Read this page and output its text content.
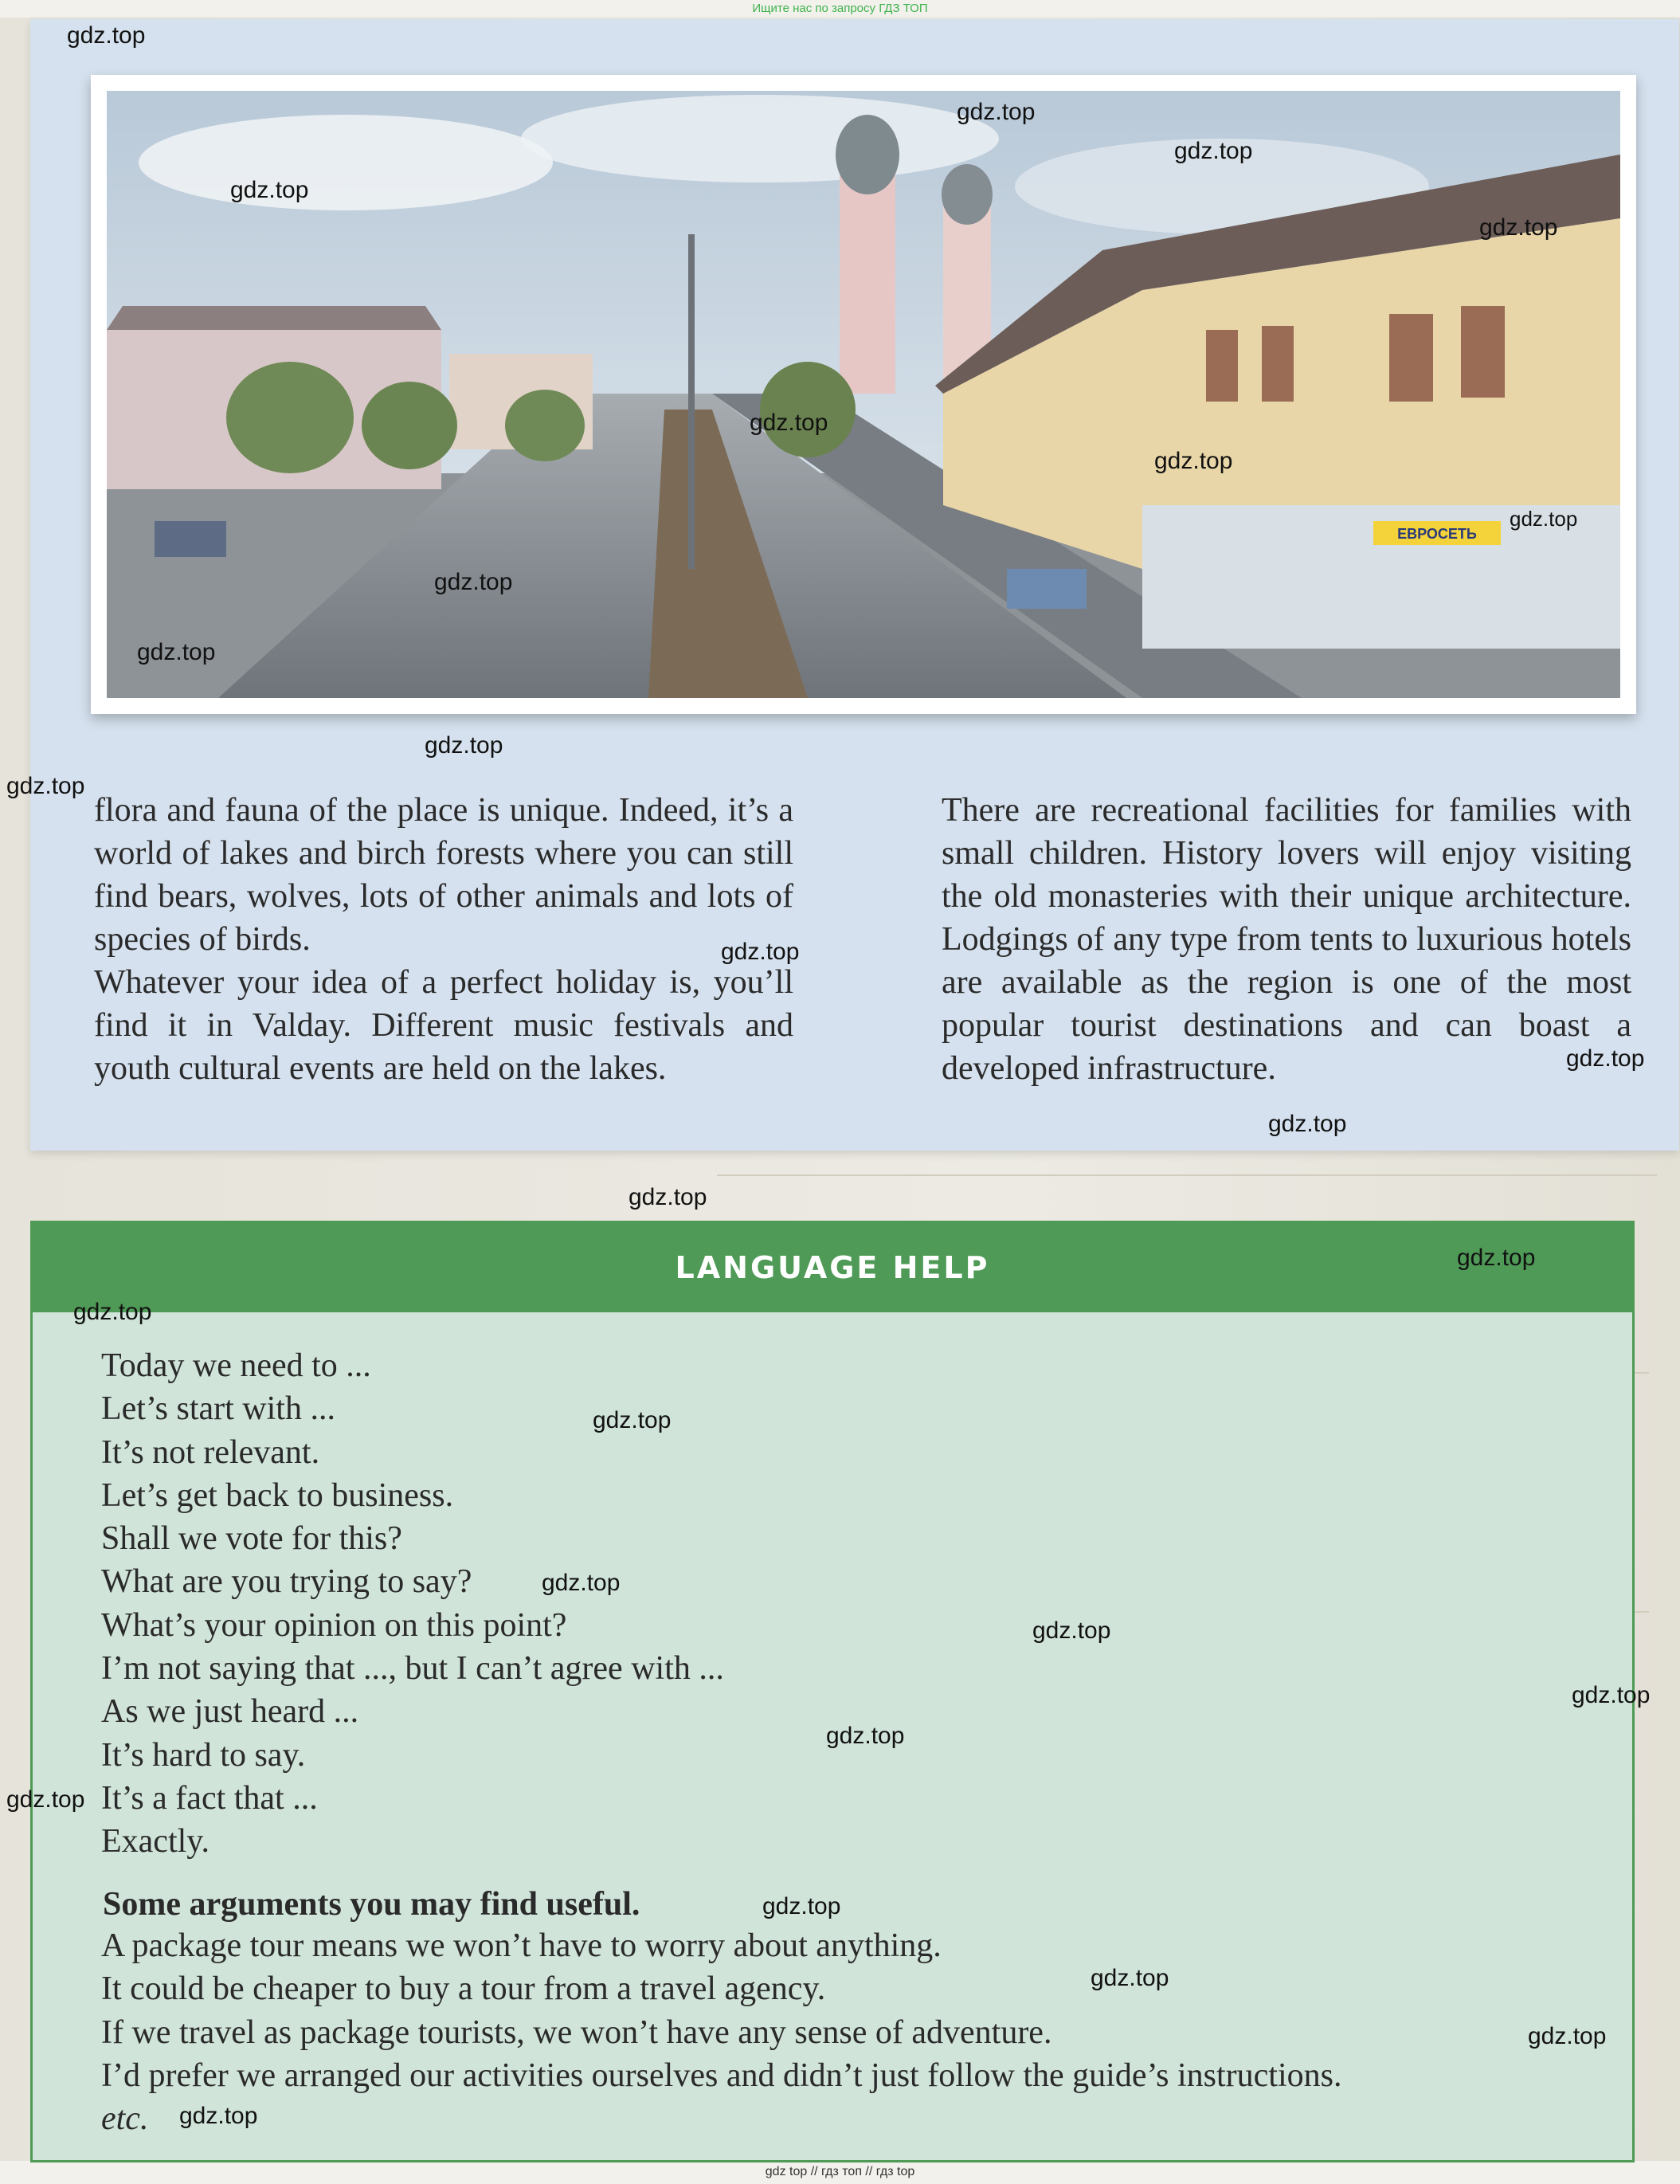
Ищите нас по запросу ГДЗ ТОП
ЕВРОСЕТЬ

flora and fauna of the place is unique. Indeed, it’s a world of lakes and birch forests where you can still find bears, wolves, lots of other animals and lots of species of birds.

Whatever your idea of a perfect holiday is, you’ll find it in Valday. Different music festivals and youth cultural events are held on the lakes.

There are recreational facilities for families with small children. History lovers will enjoy visiting the old monasteries with their unique architecture. Lodgings of any type from tents to luxurious hotels are available as the region is one of the most popular tourist destinations and can boast a developed infrastructure.

LANGUAGE HELP
Today we need to ...
Let’s start with ...
It’s not relevant.
Let’s get back to business.
Shall we vote for this?
What are you trying to say?
What’s your opinion on this point?
I’m not saying that ..., but I can’t agree with ...
As we just heard ...
It’s hard to say.
It’s a fact that ...
Exactly.

Some arguments you may find useful.

A package tour means we won’t have to worry about anything.
It could be cheaper to buy a tour from a travel agency.
If we travel as package tourists, we won’t have any sense of adventure.
I’d prefer we arranged our activities ourselves and didn’t just follow the guide’s instructions.
etc.
gdz top // гдз топ // гдз top
gdz.top
gdz.top
gdz.top
gdz.top
gdz.top
gdz.top
gdz.top
gdz.top
gdz.top
gdz.top
gdz.top
gdz.top
gdz.top
gdz.top
gdz.top
gdz.top
gdz.top
gdz.top
gdz.top
gdz.top
gdz.top
gdz.top
gdz.top
gdz.top
gdz.top
gdz.top
gdz.top
gdz.top
